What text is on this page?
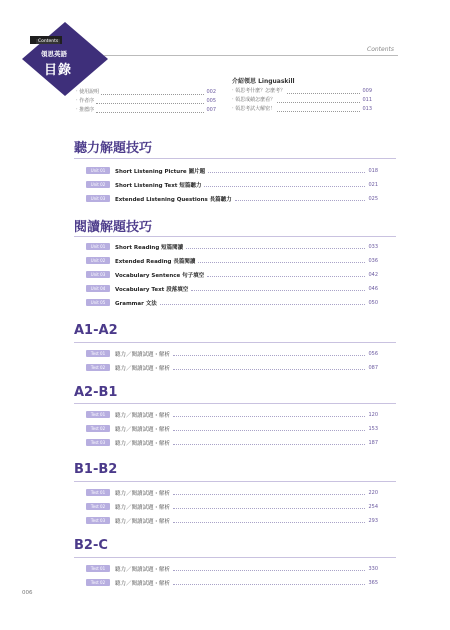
Contents
領思英語
目錄
Contents
‧ 使用說明	002
‧ 作者序	005
‧ 推薦序	007
介紹領思 Linguaskill
‧ 領思考什麼？怎麼考？	009
‧ 領思成績怎麼看？	011
‧ 領思考試大解密！	013
聽力解題技巧
Unit 01	Short Listening Picture 圖片題	018
Unit 02	Short Listening Text 短篇聽力	021
Unit 03	Extended Listening Questions 長篇聽力	025
閱讀解題技巧
Unit 01	Short Reading 短篇閱讀	033
Unit 02	Extended Reading 長篇閱讀	036
Unit 03	Vocabulary Sentence 句子填空	042
Unit 04	Vocabulary Text 段落填空	046
Unit 05	Grammar 文法	050
A1-A2
Test 01	聽力／閱讀試題・解析	056
Test 02	聽力／閱讀試題・解析	087
A2-B1
Test 01	聽力／閱讀試題・解析	120
Test 02	聽力／閱讀試題・解析	153
Test 03	聽力／閱讀試題・解析	187
B1-B2
Test 01	聽力／閱讀試題・解析	220
Test 02	聽力／閱讀試題・解析	254
Test 03	聽力／閱讀試題・解析	293
B2-C
Test 01	聽力／閱讀試題・解析	330
Test 02	聽力／閱讀試題・解析	365
006
